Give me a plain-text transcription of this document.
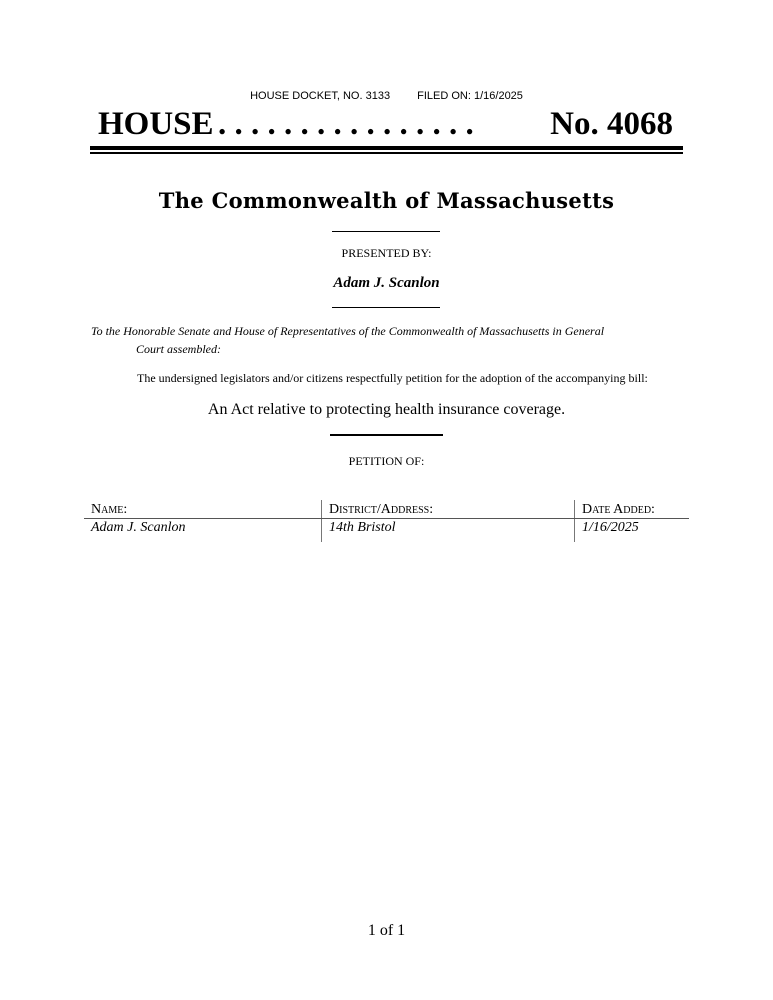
HOUSE DOCKET, NO. 3133 FILED ON: 1/16/2025
HOUSE . . . . . . . . . . . . . . . . No. 4068
The Commonwealth of Massachusetts
PRESENTED BY:
Adam J. Scanlon
To the Honorable Senate and House of Representatives of the Commonwealth of Massachusetts in General
Court assembled:
The undersigned legislators and/or citizens respectfully petition for the adoption of the accompanying bill:
An Act relative to protecting health insurance coverage.
PETITION OF:
Name:	District/Address:	Date Added:
Adam J. Scanlon	14th Bristol	1/16/2025
1 of 1
